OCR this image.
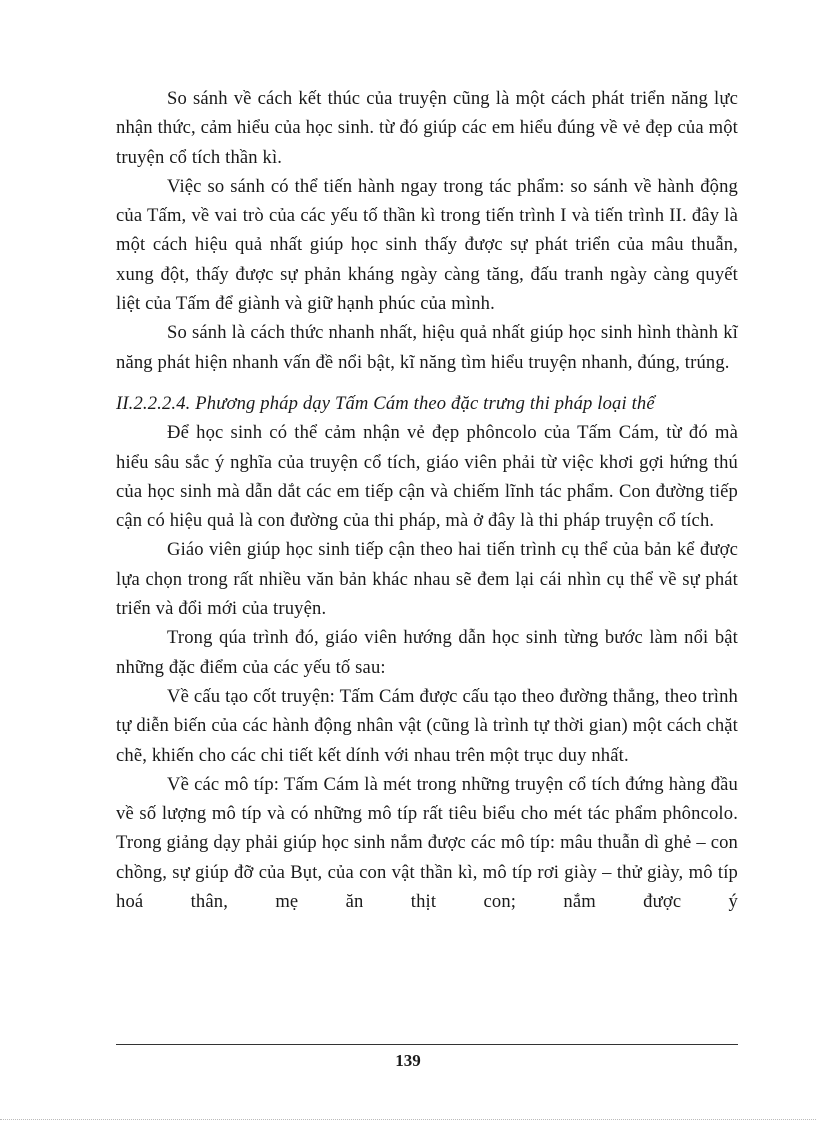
So sánh về cách kết thúc của truyện cũng là một cách phát triển năng lực nhận thức, cảm hiểu của học sinh. từ đó giúp các em hiểu đúng về vẻ đẹp của một truyện cổ tích thần kì.

Việc so sánh có thể tiến hành ngay trong tác phẩm: so sánh về hành động của Tấm, về vai trò của các yếu tố thần kì trong tiến trình I và tiến trình II. đây là một cách hiệu quả nhất giúp học sinh thấy được sự phát triển của mâu thuẫn, xung đột, thấy được sự phản kháng ngày càng tăng, đấu tranh ngày càng quyết liệt của Tấm để giành và giữ hạnh phúc của mình.

So sánh là cách thức nhanh nhất, hiệu quả nhất giúp học sinh hình thành kĩ năng phát hiện nhanh vấn đề nổi bật, kĩ năng tìm hiểu truyện nhanh, đúng, trúng.

II.2.2.2.4. Phương pháp dạy Tấm Cám theo đặc trưng thi pháp loại thể

Để học sinh có thể cảm nhận vẻ đẹp phôncolo của Tấm Cám, từ đó mà hiểu sâu sắc ý nghĩa của truyện cổ tích, giáo viên phải từ việc khơi gợi hứng thú của học sinh mà dẫn dắt các em tiếp cận và chiếm lĩnh tác phẩm. Con đường tiếp cận có hiệu quả là con đường của thi pháp, mà ở đây là thi pháp truyện cổ tích.

Giáo viên giúp học sinh tiếp cận theo hai tiến trình cụ thể của bản kể được lựa chọn trong rất nhiều văn bản khác nhau sẽ đem lại cái nhìn cụ thể về sự phát triển và đổi mới của truyện.

Trong qúa trình đó, giáo viên hướng dẫn học sinh từng bước làm nổi bật những đặc điểm của các yếu tố sau:

Về cấu tạo cốt truyện: Tấm Cám được cấu tạo theo đường thẳng, theo trình tự diễn biến của các hành động nhân vật (cũng là trình tự thời gian) một cách chặt chẽ, khiến cho các chi tiết kết dính với nhau trên một trục duy nhất.

Về các mô típ: Tấm Cám là mét trong những truyện cổ tích đứng hàng đầu về số lượng mô típ và có những mô típ rất tiêu biểu cho mét tác phẩm phôncolo. Trong giảng dạy phải giúp học sinh nắm được các mô típ: mâu thuẫn dì ghẻ – con chồng, sự giúp đỡ của Bụt, của con vật thần kì, mô típ rơi giày – thử giày, mô típ hoá thân, mẹ ăn thịt con; nắm được ý

139
